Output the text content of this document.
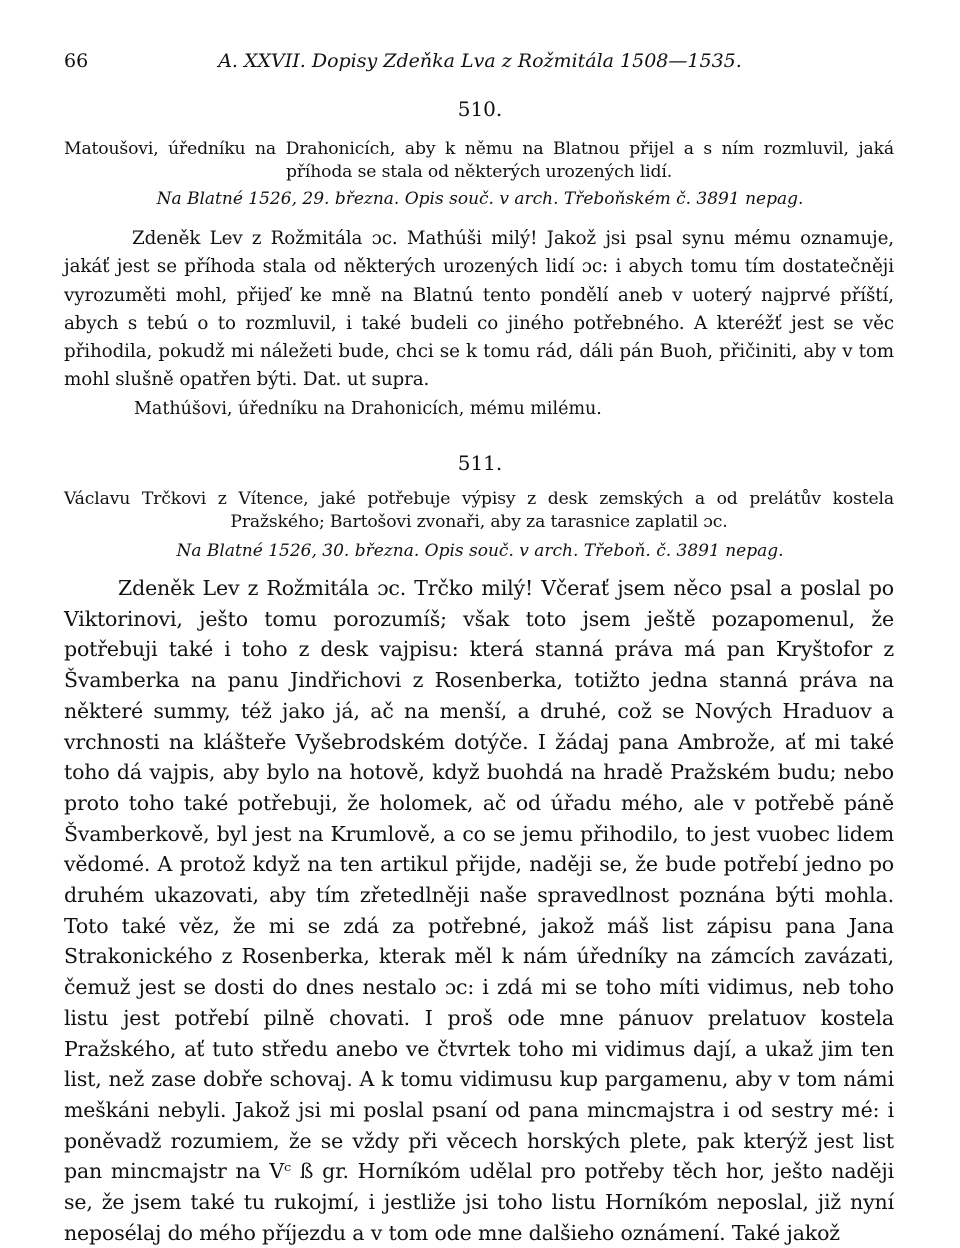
66	A. XXVII. Dopisy Zdeňka Lva z Rožmitála 1508—1535.
510.
Matoušovi, úředníku na Drahonicích, aby k němu na Blatnou přijel a s ním rozmluvil, jaká příhoda se stala od některých urozených lidí.
Na Blatné 1526, 29. března. Opis souč. v arch. Třeboňském č. 3891 nepag.

Zdeněk Lev z Rožmitála ɔc. Mathúši milý! Jakož jsi psal synu mému oznamuje, jakáť jest se příhoda stala od některých urozených lidí ɔc: i abych tomu tím dostatečněji vyrozuměti mohl, přijeď ke mně na Blatnú tento pondělí aneb v uoterý najprvé příští, abych s tebú o to rozmluvil, i také budeli co jiného potřebného. A kteréžť jest se věc přihodila, pokudž mi náležeti bude, chci se k tomu rád, dáli pán Buoh, přičiniti, aby v tom mohl slušně opatřen býti. Dat. ut supra.

Mathúšovi, úředníku na Drahonicích, mému milému.
511.
Václavu Trčkovi z Vítence, jaké potřebuje výpisy z desk zemských a od prelátův kostela Pražského; Bartošovi zvonaři, aby za tarasnice zaplatil ɔc.
Na Blatné 1526, 30. března. Opis souč. v arch. Třeboň. č. 3891 nepag.

Zdeněk Lev z Rožmitála ɔc. Trčko milý! Včerať jsem něco psal a poslal po Viktorinovi, ješto tomu porozumíš; však toto jsem ještě pozapomenul, že potřebuji také i toho z desk vajpisu: která stanná práva má pan Kryštofor z Švamberka na panu Jindřichovi z Rosenberka, totižto jedna stanná práva na některé summy, též jako já, ač na menší, a druhé, což se Nových Hraduov a vrchnosti na klášteře Vyšebrodském dotýče. I žádaj pana Ambrože, ať mi také toho dá vajpis, aby bylo na hotově, když buohdá na hradě Pražském budu; nebo proto toho také potřebuji, že holomek, ač od úřadu mého, ale v potřebě páně Švamberkově, byl jest na Krumlově, a co se jemu přihodilo, to jest vuobec lidem vědomé. A protož když na ten artikul přijde, naději se, že bude potřebí jedno po druhém ukazovati, aby tím zřetedlněji naše spravedlnost poznána býti mohla. Toto také věz, že mi se zdá za potřebné, jakož máš list zápisu pana Jana Strakonického z Rosenberka, kterak měl k nám úředníky na zámcích zavázati, čemuž jest se dosti do dnes nestalo ɔc: i zdá mi se toho míti vidimus, neb toho listu jest potřebí pilně chovati. I proš ode mne pánuov prelatuov kostela Pražského, ať tuto středu anebo ve čtvrtek toho mi vidimus dají, a ukaž jim ten list, než zase dobře schovaj. A k tomu vidimusu kup pargamenu, aby v tom námi meškáni nebyli. Jakož jsi mi poslal psaní od pana mincmajstra i od sestry mé: i poněvadž rozumiem, že se vždy při věcech horských plete, pak kterýž jest list pan mincmajstr na Vᶜ ß gr. Horníkóm udělal pro potřeby těch hor, ješto naději se, že jsem také tu rukojmí, i jestliže jsi toho listu Horníkóm neposlal, již nyní neposélaj do mého příjezdu a v tom ode mne dalšieho oznámení. Také jakož
